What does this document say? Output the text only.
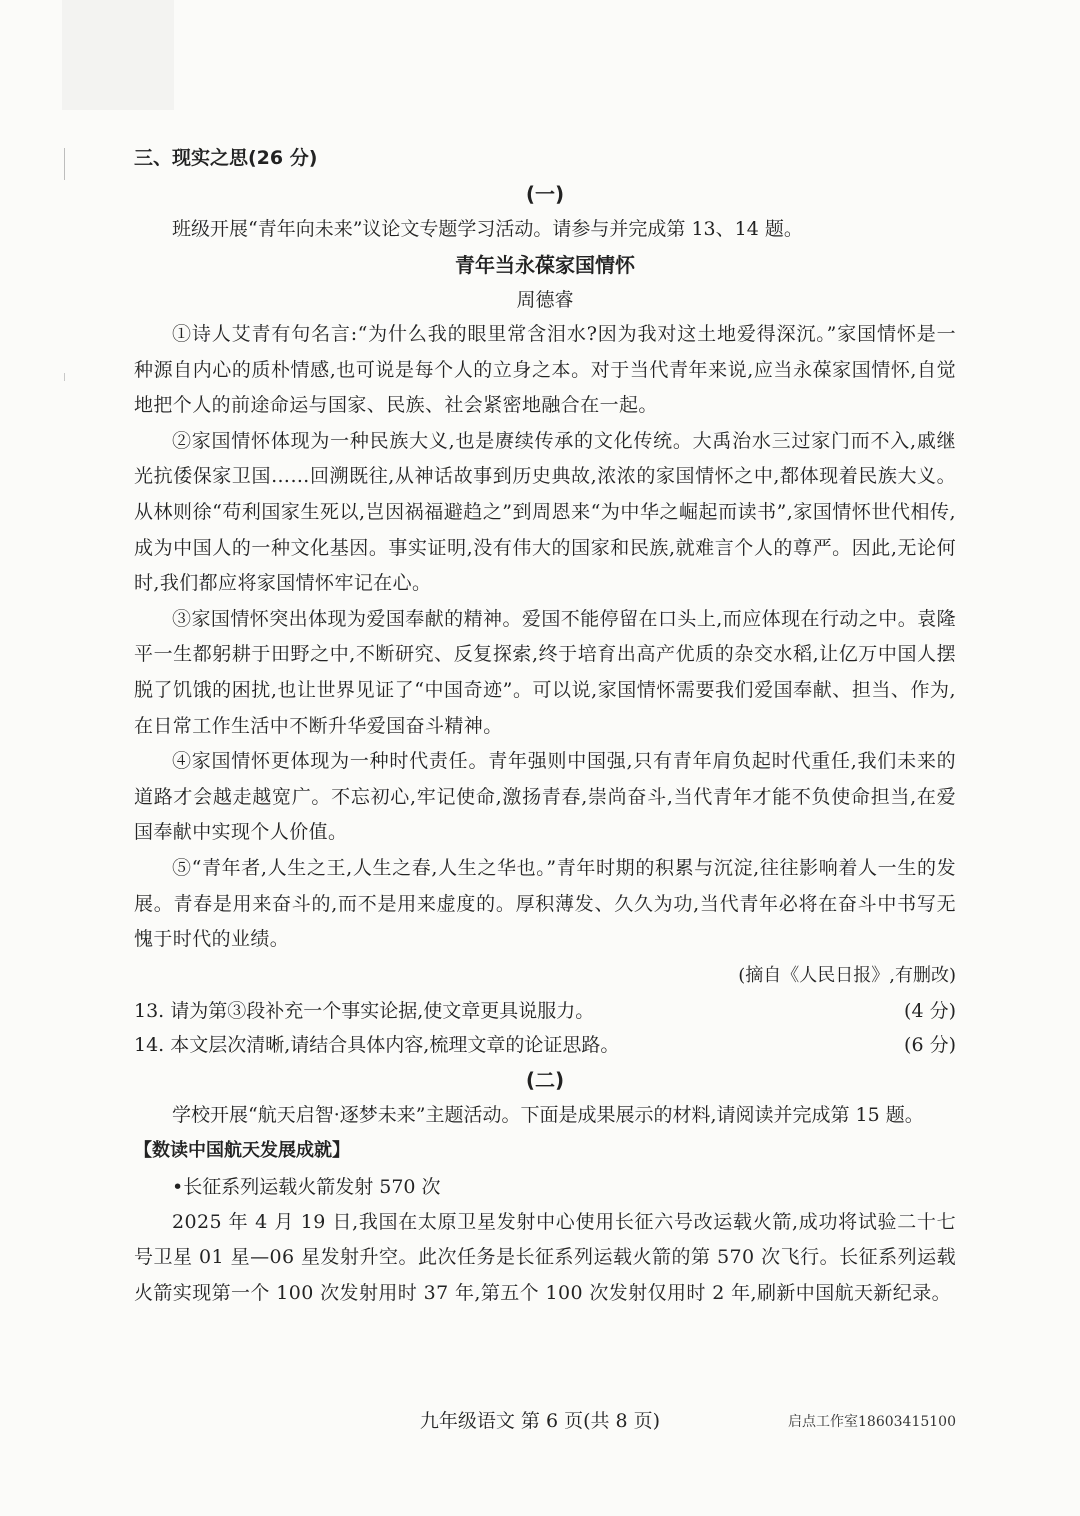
三、现实之思(26 分)
(一)
班级开展“青年向未来”议论文专题学习活动。请参与并完成第 13、14 题。
青年当永葆家国情怀
周德睿
①诗人艾青有句名言:“为什么我的眼里常含泪水?因为我对这土地爱得深沉。”家国情怀是一种源自内心的质朴情感,也可说是每个人的立身之本。对于当代青年来说,应当永葆家国情怀,自觉地把个人的前途命运与国家、民族、社会紧密地融合在一起。
②家国情怀体现为一种民族大义,也是赓续传承的文化传统。大禹治水三过家门而不入,戚继光抗倭保家卫国……回溯既往,从神话故事到历史典故,浓浓的家国情怀之中,都体现着民族大义。从林则徐“苟利国家生死以,岂因祸福避趋之”到周恩来“为中华之崛起而读书”,家国情怀世代相传,成为中国人的一种文化基因。事实证明,没有伟大的国家和民族,就难言个人的尊严。因此,无论何时,我们都应将家国情怀牢记在心。
③家国情怀突出体现为爱国奉献的精神。爱国不能停留在口头上,而应体现在行动之中。袁隆平一生都躬耕于田野之中,不断研究、反复探索,终于培育出高产优质的杂交水稻,让亿万中国人摆脱了饥饿的困扰,也让世界见证了“中国奇迹”。可以说,家国情怀需要我们爱国奉献、担当、作为,在日常工作生活中不断升华爱国奋斗精神。
④家国情怀更体现为一种时代责任。青年强则中国强,只有青年肩负起时代重任,我们未来的道路才会越走越宽广。不忘初心,牢记使命,激扬青春,崇尚奋斗,当代青年才能不负使命担当,在爱国奉献中实现个人价值。
⑤“青年者,人生之王,人生之春,人生之华也。”青年时期的积累与沉淀,往往影响着人一生的发展。青春是用来奋斗的,而不是用来虚度的。厚积薄发、久久为功,当代青年必将在奋斗中书写无愧于时代的业绩。
(摘自《人民日报》,有删改)
13. 请为第③段补充一个事实论据,使文章更具说服力。	(4 分)
14. 本文层次清晰,请结合具体内容,梳理文章的论证思路。	(6 分)
(二)
学校开展“航天启智·逐梦未来”主题活动。下面是成果展示的材料,请阅读并完成第 15 题。
【数读中国航天发展成就】
•长征系列运载火箭发射 570 次
2025 年 4 月 19 日,我国在太原卫星发射中心使用长征六号改运载火箭,成功将试验二十七号卫星 01 星—06 星发射升空。此次任务是长征系列运载火箭的第 570 次飞行。长征系列运载火箭实现第一个 100 次发射用时 37 年,第五个 100 次发射仅用时 2 年,刷新中国航天新纪录。
九年级语文 第 6 页(共 8 页)	启点工作室18603415100
